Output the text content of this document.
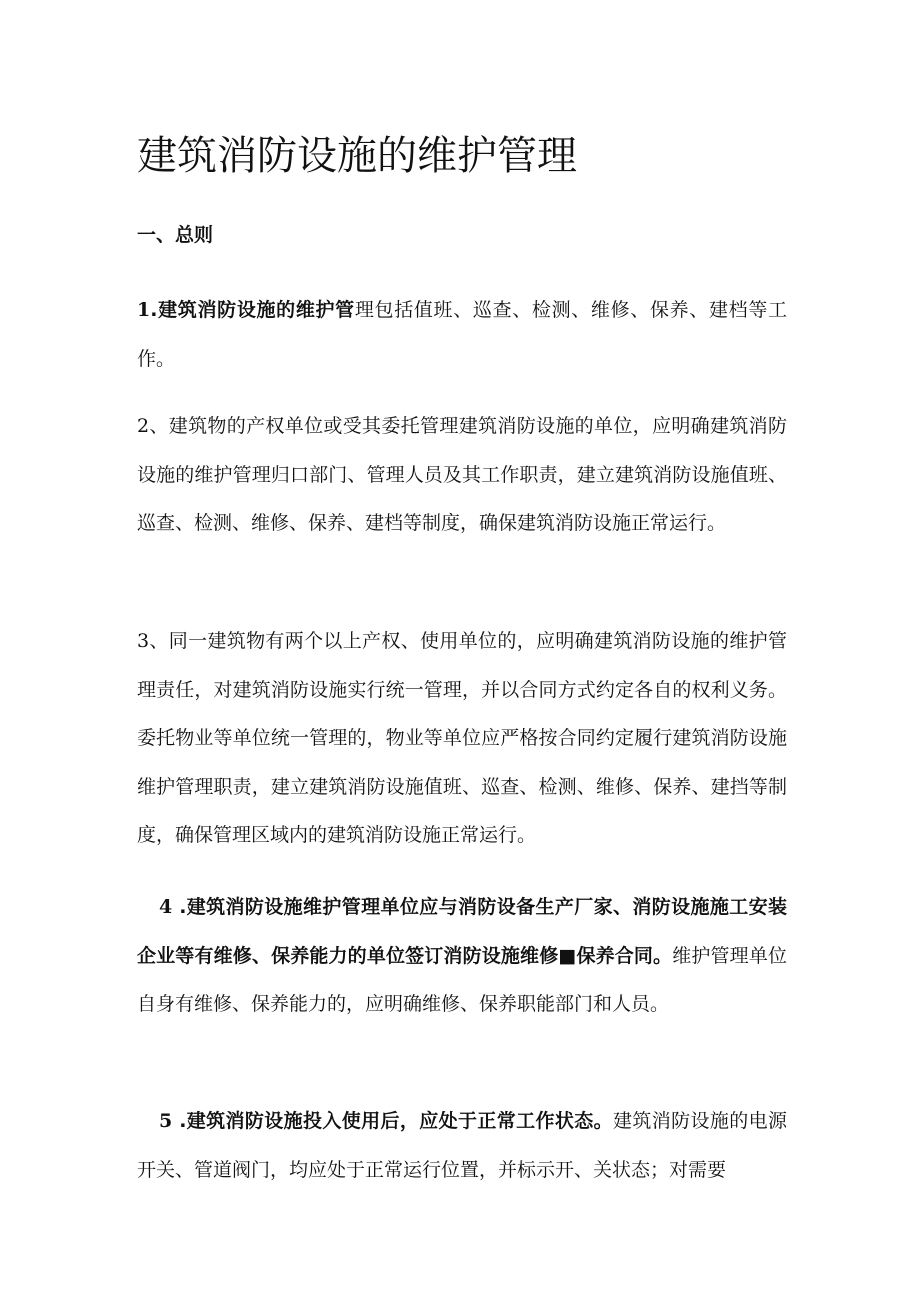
建筑消防设施的维护管理
一、总则

1.建筑消防设施的维护管理包括值班、巡查、检测、维修、保养、建档等工作。

2、建筑物的产权单位或受其委托管理建筑消防设施的单位，应明确建筑消防设施的维护管理归口部门、管理人员及其工作职责，建立建筑消防设施值班、巡查、检测、维修、保养、建档等制度，确保建筑消防设施正常运行。

3、同一建筑物有两个以上产权、使用单位的，应明确建筑消防设施的维护管理责任，对建筑消防设施实行统一管理，并以合同方式约定各自的权利义务。委托物业等单位统一管理的，物业等单位应严格按合同约定履行建筑消防设施维护管理职责，建立建筑消防设施值班、巡查、检测、维修、保养、建挡等制度，确保管理区域内的建筑消防设施正常运行。

4 .建筑消防设施维护管理单位应与消防设备生产厂家、消防设施施工安装企业等有维修、保养能力的单位签订消防设施维修■保养合同。维护管理单位自身有维修、保养能力的，应明确维修、保养职能部门和人员。

5 .建筑消防设施投入使用后，应处于正常工作状态。建筑消防设施的电源开关、管道阀门，均应处于正常运行位置，并标示开、关状态；对需要
